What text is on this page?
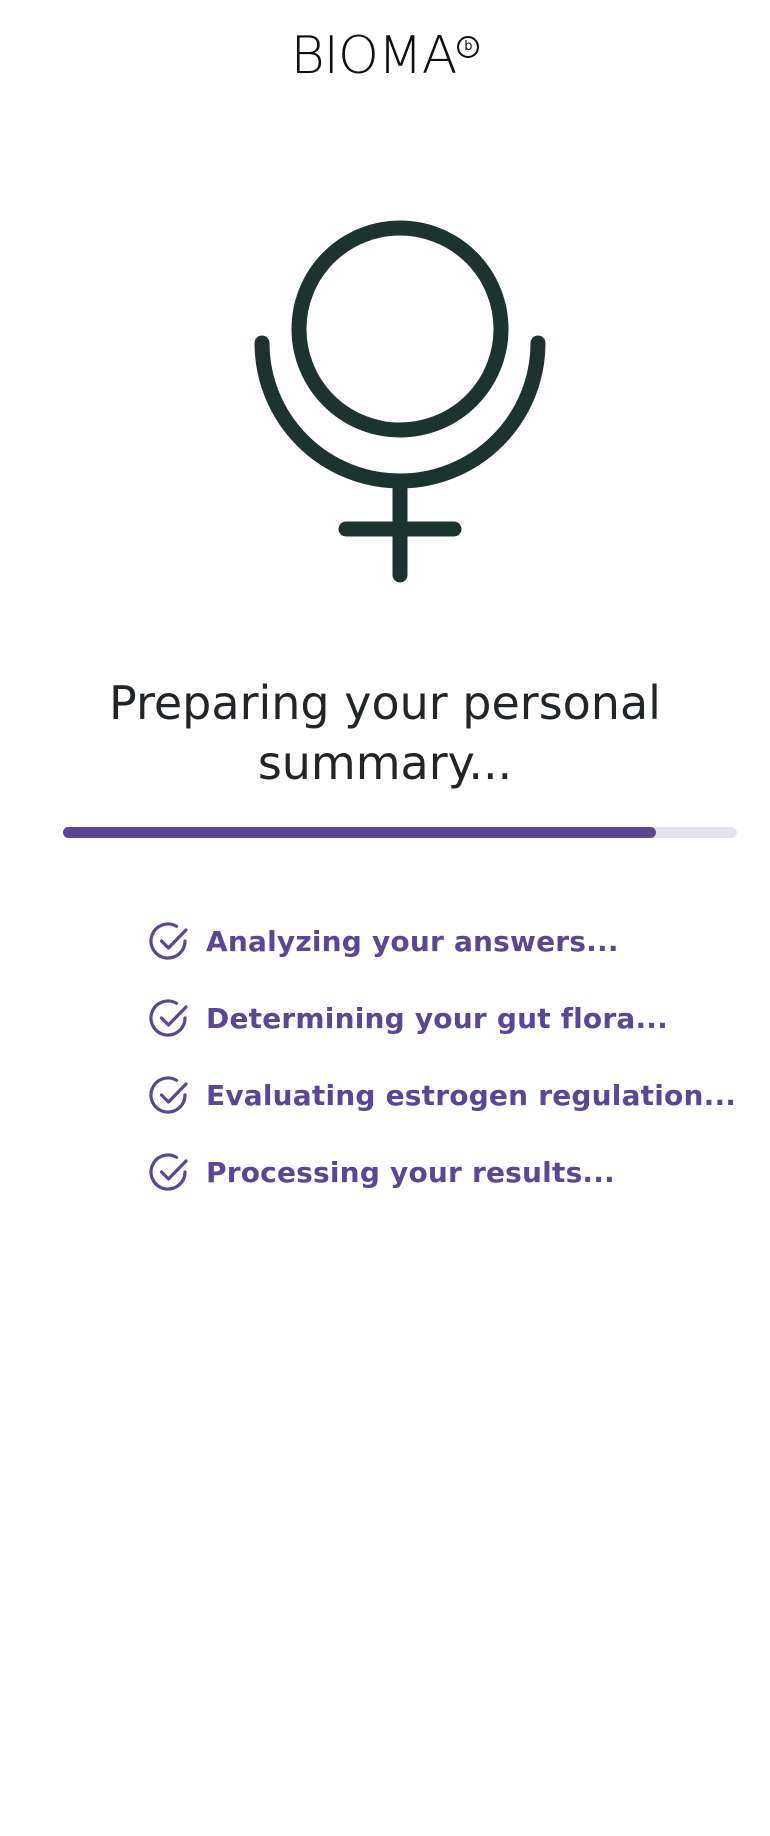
BIOMA b
Preparing your personal summary...
Analyzing your answers...
Determining your gut flora...
Evaluating estrogen regulation...
Processing your results...
